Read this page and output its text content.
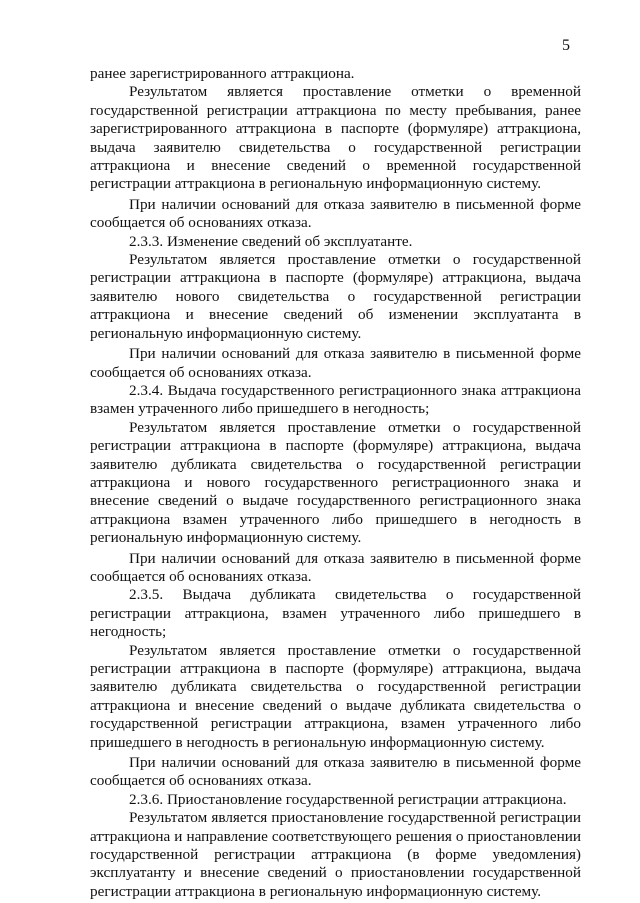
5

ранее зарегистрированного аттракциона.

Результатом является проставление отметки о временной государственной регистрации аттракциона по месту пребывания, ранее зарегистрированного аттракциона в паспорте (формуляре) аттракциона, выдача заявителю свидетельства о государственной регистрации аттракциона и внесение сведений о временной государственной регистрации аттракциона в региональную информационную систему.

При наличии оснований для отказа заявителю в письменной форме сообщается об основаниях отказа.

2.3.3. Изменение сведений об эксплуатанте.

Результатом является проставление отметки о государственной регистрации аттракциона в паспорте (формуляре) аттракциона, выдача заявителю нового свидетельства о государственной регистрации аттракциона и внесение сведений об изменении эксплуатанта в региональную информационную систему.

При наличии оснований для отказа заявителю в письменной форме сообщается об основаниях отказа.

2.3.4. Выдача государственного регистрационного знака аттракциона взамен утраченного либо пришедшего в негодность;

Результатом является проставление отметки о государственной регистрации аттракциона в паспорте (формуляре) аттракциона, выдача заявителю дубликата свидетельства о государственной регистрации аттракциона и нового государственного регистрационного знака и внесение сведений о выдаче государственного регистрационного знака аттракциона взамен утраченного либо пришедшего в негодность в региональную информационную систему.

При наличии оснований для отказа заявителю в письменной форме сообщается об основаниях отказа.

2.3.5. Выдача дубликата свидетельства о государственной регистрации аттракциона, взамен утраченного либо пришедшего в негодность;

Результатом является проставление отметки о государственной регистрации аттракциона в паспорте (формуляре) аттракциона, выдача заявителю дубликата свидетельства о государственной регистрации аттракциона и внесение сведений о выдаче дубликата свидетельства о государственной регистрации аттракциона, взамен утраченного либо пришедшего в негодность в региональную информационную систему.

При наличии оснований для отказа заявителю в письменной форме сообщается об основаниях отказа.

2.3.6. Приостановление государственной регистрации аттракциона.

Результатом является приостановление государственной регистрации аттракциона и направление соответствующего решения о приостановлении государственной регистрации аттракциона (в форме уведомления) эксплуатанту и внесение сведений о приостановлении государственной регистрации аттракциона в региональную информационную систему.
